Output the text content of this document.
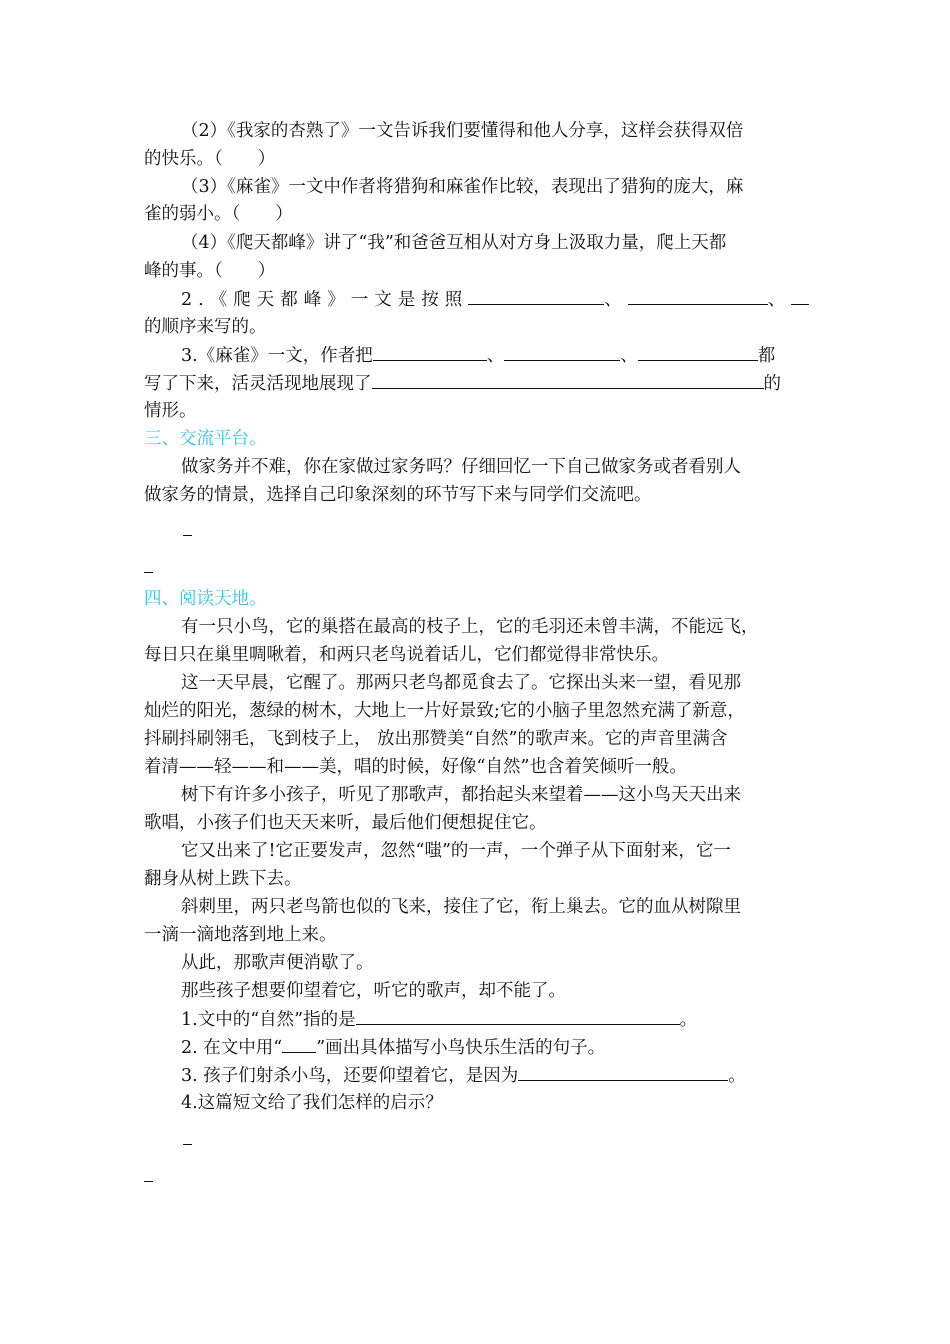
（2）《我家的杏熟了》一文告诉我们要懂得和他人分享，这样会获得双倍
的快乐。（　　）
（3）《麻雀》一文中作者将猎狗和麻雀作比较，表现出了猎狗的庞大，麻
雀的弱小。（　　）
（4）《爬天都峰》讲了“我”和爸爸互相从对方身上汲取力量，爬上天都
峰的事。（　　）
2.《爬天都峰》一文是按照	、	、
的顺序来写的。
3.《麻雀》一文，作者把	、	、	都
写了下来，活灵活现地展现了	的
情形。
三、交流平台。
做家务并不难，你在家做过家务吗？仔细回忆一下自己做家务或者看别人
做家务的情景，选择自己印象深刻的环节写下来与同学们交流吧。
四、阅读天地。
有一只小鸟，它的巢搭在最高的枝子上，它的毛羽还未曾丰满，不能远飞，
每日只在巢里啁啾着，和两只老鸟说着话儿，它们都觉得非常快乐。
这一天早晨，它醒了。那两只老鸟都觅食去了。它探出头来一望，看见那
灿烂的阳光，葱绿的树木，大地上一片好景致;它的小脑子里忽然充满了新意，
抖刷抖刷翎毛，飞到枝子上， 放出那赞美“自然”的歌声来。它的声音里满含
着清——轻——和——美，唱的时候，好像“自然”也含着笑倾听一般。
树下有许多小孩子，听见了那歌声，都抬起头来望着——这小鸟天天出来
歌唱，小孩子们也天天来听，最后他们便想捉住它。
它又出来了!它正要发声，忽然“嗤”的一声，一个弹子从下面射来，它一
翻身从树上跌下去。
斜刺里，两只老鸟箭也似的飞来，接住了它，衔上巢去。它的血从树隙里
一滴一滴地落到地上来。
从此，那歌声便消歇了。
那些孩子想要仰望着它，听它的歌声，却不能了。
1.文中的“自然”指的是	。
2. 在文中用“ ”画出具体描写小鸟快乐生活的句子。
3. 孩子们射杀小鸟，还要仰望着它，是因为	。
4.这篇短文给了我们怎样的启示？
